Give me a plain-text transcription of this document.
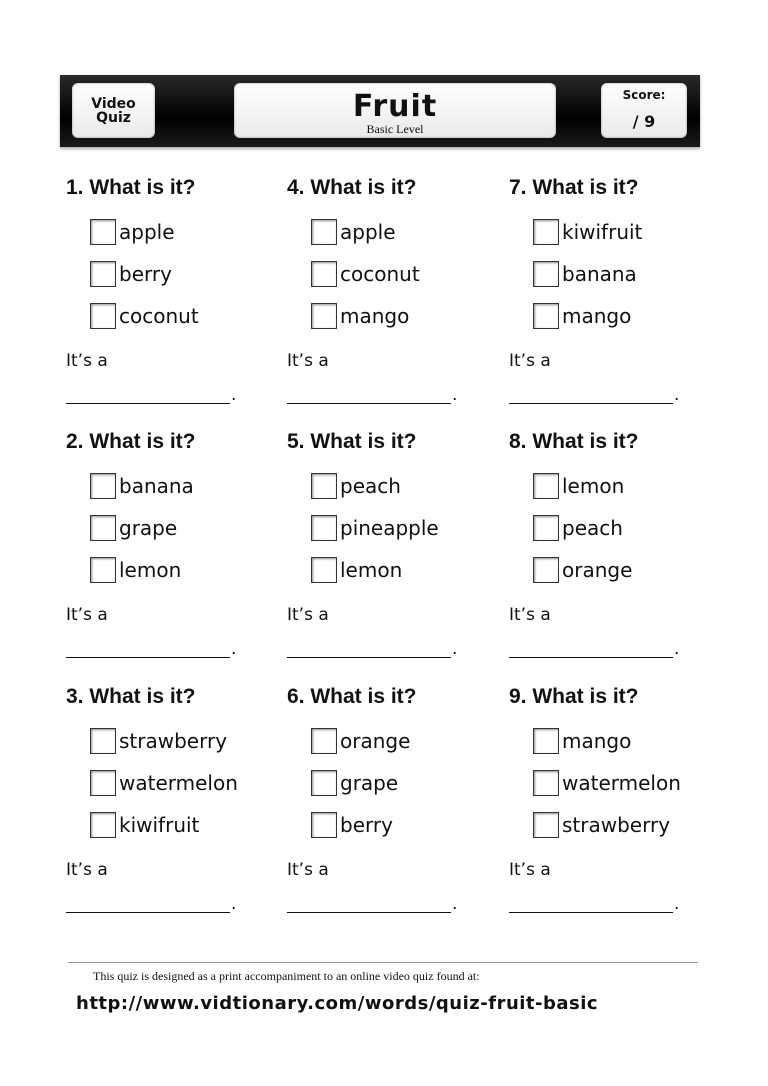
Video
Quiz	Fruit
Basic Level
Score:
/ 9
1. What is it?
apple
berry
coconut
It’s a
.
2. What is it?
banana
grape
lemon
It’s a
.
3. What is it?
strawberry
watermelon
kiwifruit
It’s a
.
4. What is it?
apple
coconut
mango
It’s a
.
5. What is it?
peach
pineapple
lemon
It’s a
.
6. What is it?
orange
grape
berry
It’s a
.
7. What is it?
kiwifruit
banana
mango
It’s a
.
8. What is it?
lemon
peach
orange
It’s a
.
9. What is it?
mango
watermelon
strawberry
It’s a
.
This quiz is designed as a print accompaniment to an online video quiz found at:
http://www.vidtionary.com/words/quiz-fruit-basic
